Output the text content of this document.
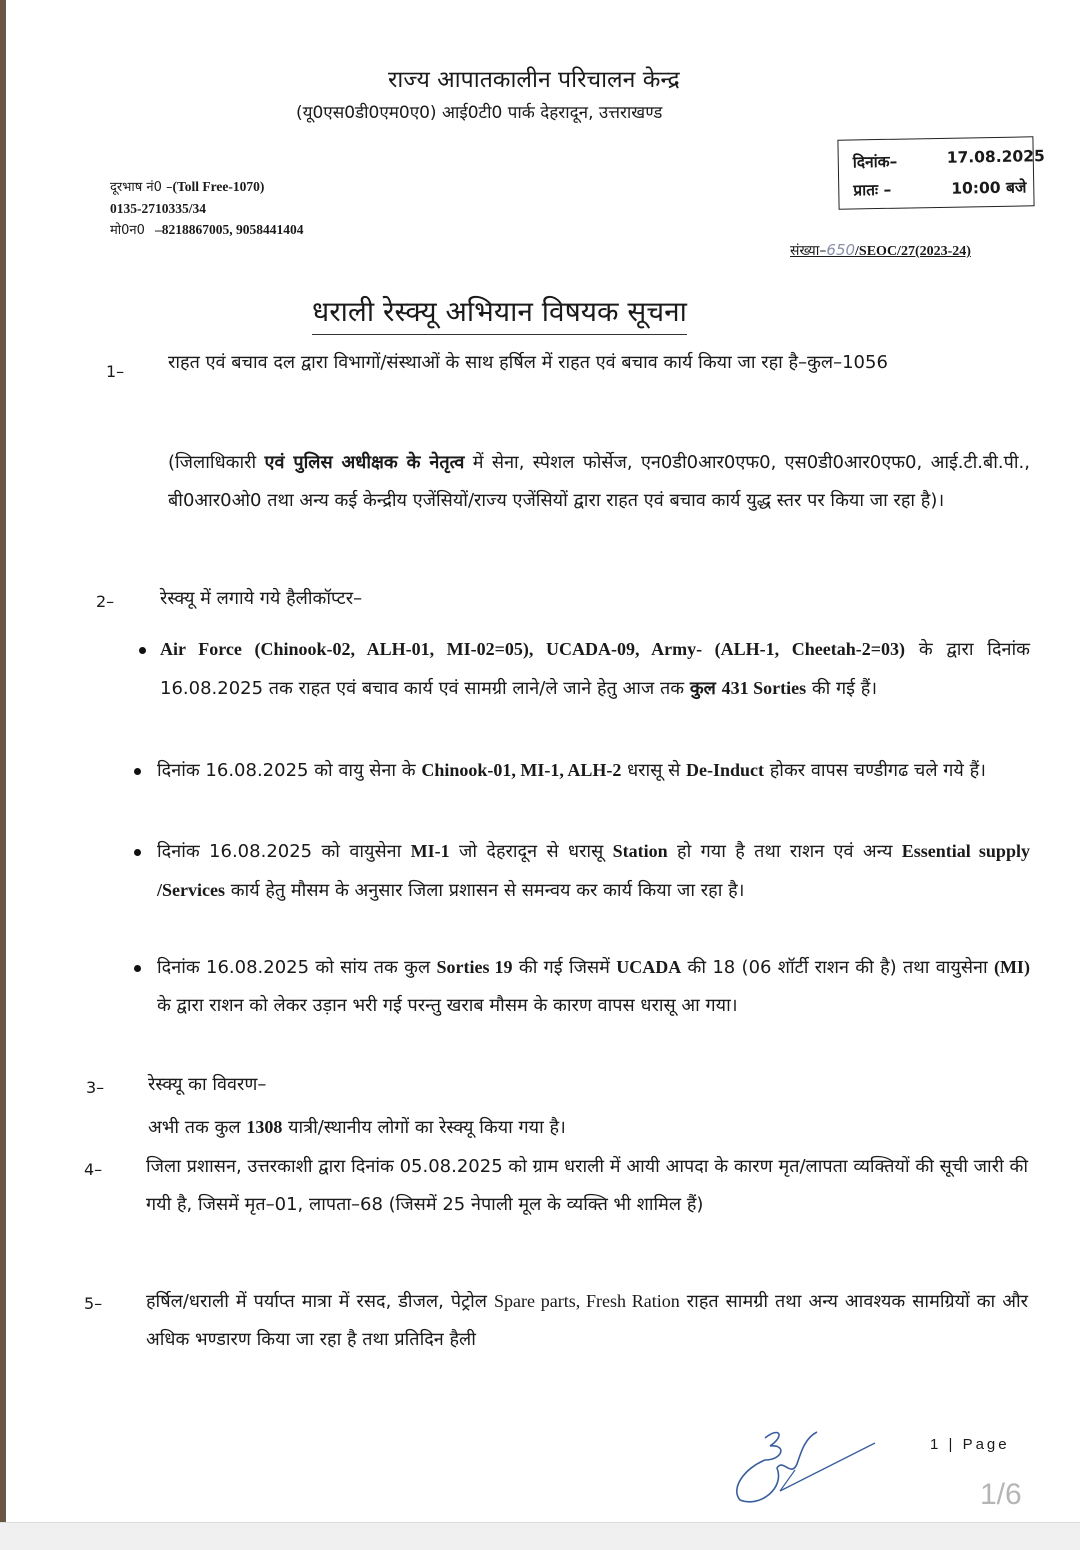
राज्य आपातकालीन परिचालन केन्द्र
(यू0एस0डी0एम0ए0) आई0टी0 पार्क देहरादून, उत्तराखण्ड
दूरभाष नं0 –(Toll Free-1070)
0135-2710335/34
मो0न0 –8218867005, 9058441404
दिनांक–	17.08.2025
प्रातः –	10:00 बजे
संख्या–650/SEOC/27(2023-24)
धराली रेस्क्यू अभियान विषयक सूचना
1– राहत एवं बचाव दल द्वारा विभागों/संस्थाओं के साथ हर्षिल में राहत एवं बचाव कार्य किया जा रहा है–कुल–1056
(जिलाधिकारी एवं पुलिस अधीक्षक के नेतृत्व में सेना, स्पेशल फोर्सेज, एन0डी0आर0एफ0, एस0डी0आर0एफ0, आई.टी.बी.पी., बी0आर0ओ0 तथा अन्य कई केन्द्रीय एजेंसियों/राज्य एजेंसियों द्वारा राहत एवं बचाव कार्य युद्ध स्तर पर किया जा रहा है)।
2–	रेस्क्यू में लगाये गये हैलीकॉप्टर–
Air Force (Chinook-02, ALH-01, MI-02=05), UCADA-09, Army- (ALH-1, Cheetah-2=03) के द्वारा दिनांक 16.08.2025 तक राहत एवं बचाव कार्य एवं सामग्री लाने/ले जाने हेतु आज तक कुल 431 Sorties की गई हैं।
दिनांक 16.08.2025 को वायु सेना के Chinook-01, MI-1, ALH-2 धरासू से De-Induct होकर वापस चण्डीगढ चले गये हैं।
दिनांक 16.08.2025 को वायुसेना MI-1 जो देहरादून से धरासू Station हो गया है तथा राशन एवं अन्य Essential supply /Services कार्य हेतु मौसम के अनुसार जिला प्रशासन से समन्वय कर कार्य किया जा रहा है।
दिनांक 16.08.2025 को सांय तक कुल Sorties 19 की गई जिसमें UCADA की 18 (06 शॉर्टी राशन की है) तथा वायुसेना (MI) के द्वारा राशन को लेकर उड़ान भरी गई परन्तु खराब मौसम के कारण वापस धरासू आ गया।
3– रेस्क्यू का विवरण–
अभी तक कुल 1308 यात्री/स्थानीय लोगों का रेस्क्यू किया गया है।
4– जिला प्रशासन, उत्तरकाशी द्वारा दिनांक 05.08.2025 को ग्राम धराली में आयी आपदा के कारण मृत/लापता व्यक्तियों की सूची जारी की गयी है, जिसमें मृत–01, लापता–68 (जिसमें 25 नेपाली मूल के व्यक्ति भी शामिल हैं)
5– हर्षिल/धराली में पर्याप्त मात्रा में रसद, डीजल, पेट्रोल Spare parts, Fresh Ration राहत सामग्री तथा अन्य आवश्यक सामग्रियों का और अधिक भण्डारण किया जा रहा है तथा प्रतिदिन हैली
1 | Page
1/6
